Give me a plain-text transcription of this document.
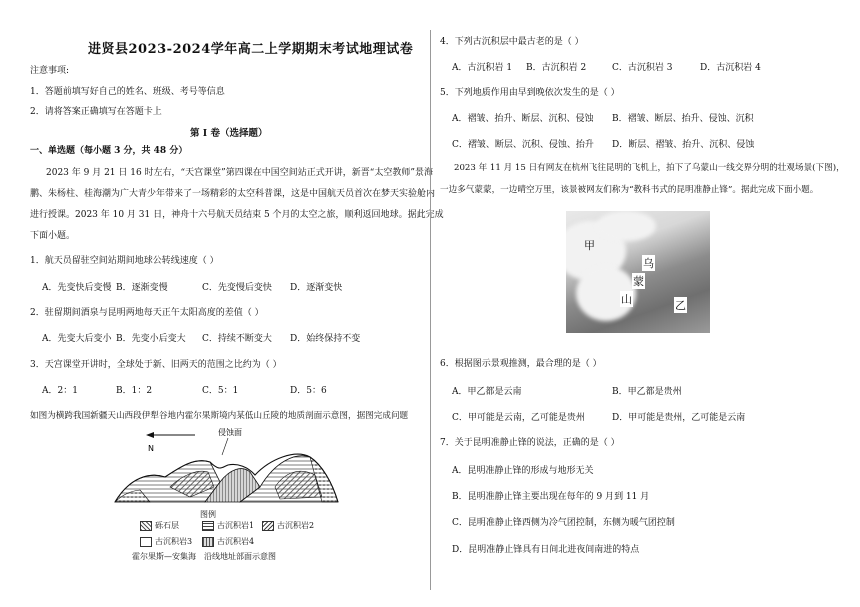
进贤县2023-2024学年高二上学期期末考试地理试卷
注意事项:
1．答题前填写好自己的姓名、班级、考号等信息
2．请将答案正确填写在答题卡上
第 I 卷（选择题）
一、单选题（每小题 3 分，共 48 分）
2023 年 9 月 21 日 16 时左右，“天宫课堂”第四课在中国空间站正式开讲，新晋“太空教师”景海
鹏、朱杨柱、桂海潮为广大青少年带来了一场精彩的太空科普课，这是中国航天员首次在梦天实验舱内
进行授课。2023 年 10 月 31 日，神舟十六号航天员结束 5 个月的太空之旅，顺利返回地球。据此完成
下面小题。
1．航天员留驻空间站期间地球公转线速度（ ）
A．先变快后变慢 B．逐渐变慢	C．先变慢后变快 D．逐渐变快
2．驻留期间酒泉与昆明两地每天正午太阳高度的差值（ ）
A．先变大后变小 B．先变小后变大 C．持续不断变大 D．始终保持不变
3．天宫课堂开讲时，全球处于新、旧两天的范围之比约为（ ）
A．2：1	B．1：2	C．5：1	D．5：6
如图为横跨我国新疆天山西段伊犁谷地内霍尔果斯境内某低山丘陵的地质剖面示意图，据图完成问题
N
侵蚀面
图例
砾石层	古沉积岩1	古沉积岩2
古沉积岩3	古沉积岩4
霍尔果斯—安集海　沿线地址部面示意图
4．下列古沉积层中最古老的是（ ）
A．古沉积岩 1 B．古沉积岩 2	C．古沉积岩 3	D．古沉积岩 4
5．下列地质作用由早到晚依次发生的是（ ）
A．褶皱、抬升、断层、沉积、侵蚀 B．褶皱、断层、抬升、侵蚀、沉积
C．褶皱、断层、沉积、侵蚀、抬升 D．断层、褶皱、抬升、沉积、侵蚀
2023 年 11 月 15 日有网友在杭州飞往昆明的飞机上，拍下了乌蒙山一线交界分明的壮观场景(下图)，
一边多气蒙蒙，一边晴空万里，该景被网友们称为“教科书式的昆明准静止锋”。据此完成下面小题。
6．根据图示景观推测，最合理的是（ ）
A．甲乙都是云南	B．甲乙都是贵州
C．甲可能是云南，乙可能是贵州	D．甲可能是贵州，乙可能是云南
7．关于昆明准静止锋的说法，正确的是（ ）
A．昆明准静止锋的形成与地形无关
B．昆明准静止锋主要出现在每年的 9 月到 11 月
C．昆明准静止锋西侧为冷气团控制，东侧为暖气团控制
D．昆明准静止锋具有日间北进夜间南进的特点
甲
乌
蒙
山	乙
